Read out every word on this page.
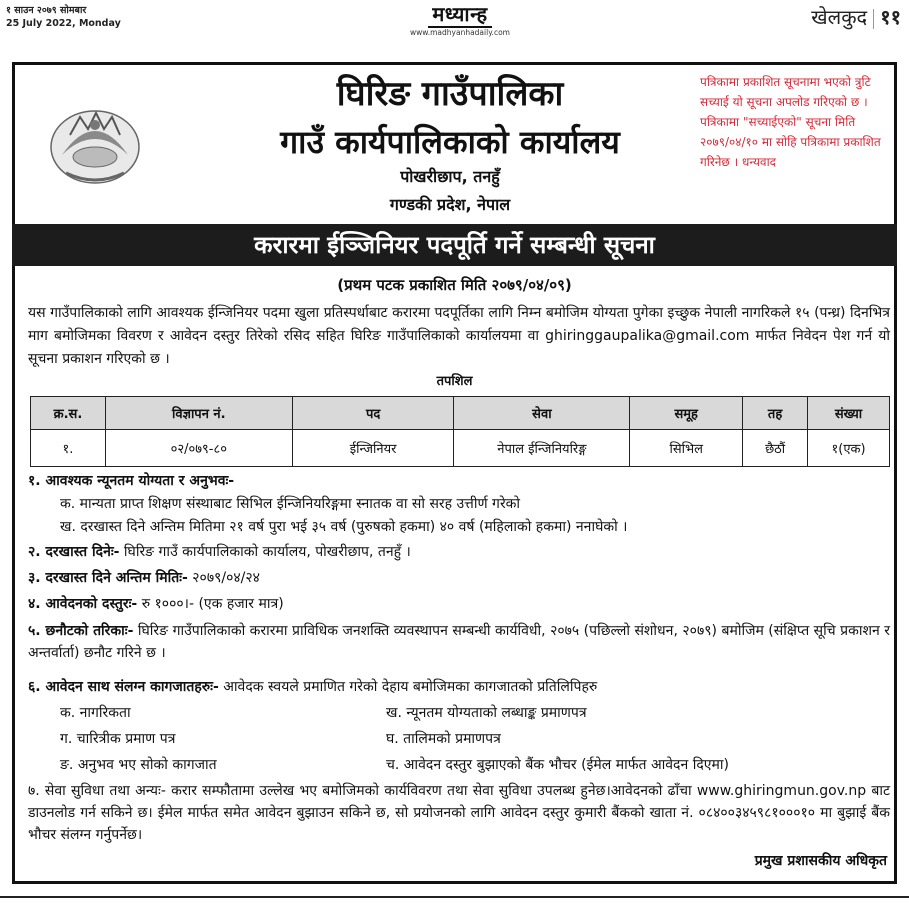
१ साउन २०७९ सोमबार
25 July 2022, Monday	मध्यान्ह
www.madhyanhadaily.com
खेलकुद ११
घिरिङ गाउँपालिका
गाउँ कार्यपालिकाको कार्यालय
पोखरीछाप, तनहुँ
गण्डकी प्रदेश, नेपाल
पत्रिकामा प्रकाशित सूचनामा भएको त्रुटि सच्याई यो सूचना अपलोड गरिएको छ । पत्रिकामा "सच्याईएको" सूचना मिति २०७९/०४/१० मा सोहि पत्रिकामा प्रकाशित गरिनेछ । धन्यवाद
करारमा ईञ्जिनियर पदपूर्ति गर्ने सम्बन्धी सूचना
(प्रथम पटक प्रकाशित मिति २०७९/०४/०९)
यस गाउँपालिकाको लागि आवश्यक ईन्जिनियर पदमा खुला प्रतिस्पर्धाबाट करारमा पदपूर्तिका लागि निम्न बमोजिम योग्यता पुगेका इच्छुक नेपाली नागरिकले १५ (पन्ध्र) दिनभित्र माग बमोजिमका विवरण र आवेदन दस्तुर तिरेको रसिद सहित घिरिङ गाउँपालिकाको कार्यालयमा वा ghiringgaupalika@gmail.com मार्फत निवेदन पेश गर्न यो सूचना प्रकाशन गरिएको छ ।
तपशिल
क्र.स.	विज्ञापन नं.	पद	सेवा	समूह	तह	संख्या
१.	०२/०७९-८०	ईन्जिनियर	नेपाल ईन्जिनियरिङ्ग	सिभिल	छैठौं	१(एक)
१. आवश्यक न्यूनतम योग्यता र अनुभवः-
क. मान्यता प्राप्त शिक्षण संस्थाबाट सिभिल ईन्जिनियरिङ्गमा स्नातक वा सो सरह उत्तीर्ण गरेको
ख. दरखास्त दिने अन्तिम मितिमा २१ वर्ष पुरा भई ३५ वर्ष (पुरुषको हकमा) ४० वर्ष (महिलाको हकमा) ननाघेको ।
२. दरखास्त दिनेः- घिरिङ गाउँ कार्यपालिकाको कार्यालय, पोखरीछाप, तनहुँ ।
३. दरखास्त दिने अन्तिम मितिः- २०७९/०४/२४
४. आवेदनको दस्तुरः- रु १०००।- (एक हजार मात्र)
५. छनौटको तरिकाः- घिरिङ गाउँपालिकाको करारमा प्राविधिक जनशक्ति व्यवस्थापन सम्बन्धी कार्यविधी, २०७५ (पछिल्लो संशोधन, २०७९) बमोजिम (संक्षिप्त सूचि प्रकाशन र अन्तर्वार्ता) छनौट गरिने छ ।
६. आवेदन साथ संलग्न कागजातहरुः- आवेदक स्वयले प्रमाणित गरेको देहाय बमोजिमका कागजातको प्रतिलिपिहरु
क. नागरिकता	ख. न्यूनतम योग्यताको लब्धाङ्क प्रमाणपत्र
ग. चारित्रीक प्रमाण पत्र	घ. तालिमको प्रमाणपत्र
ङ. अनुभव भए सोको कागजात	च. आवेदन दस्तुर बुझाएको बैंक भौचर (ईमेल मार्फत आवेदन दिएमा)
७. सेवा सुविधा तथा अन्यः- करार सम्फौतामा उल्लेख भए बमोजिमको कार्यविवरण तथा सेवा सुविधा उपलब्ध हुनेछ।आवेदनको ढाँचा www.ghiringmun.gov.np बाट डाउनलोड गर्न सकिने छ। ईमेल मार्फत समेत आवेदन बुझाउन सकिने छ, सो प्रयोजनको लागि आवेदन दस्तुर कुमारी बैंकको खाता नं. ०८४००३४५९८१०००१० मा बुझाई बैंक भौचर संलग्न गर्नुपर्नेछ।
प्रमुख प्रशासकीय अधिकृत
